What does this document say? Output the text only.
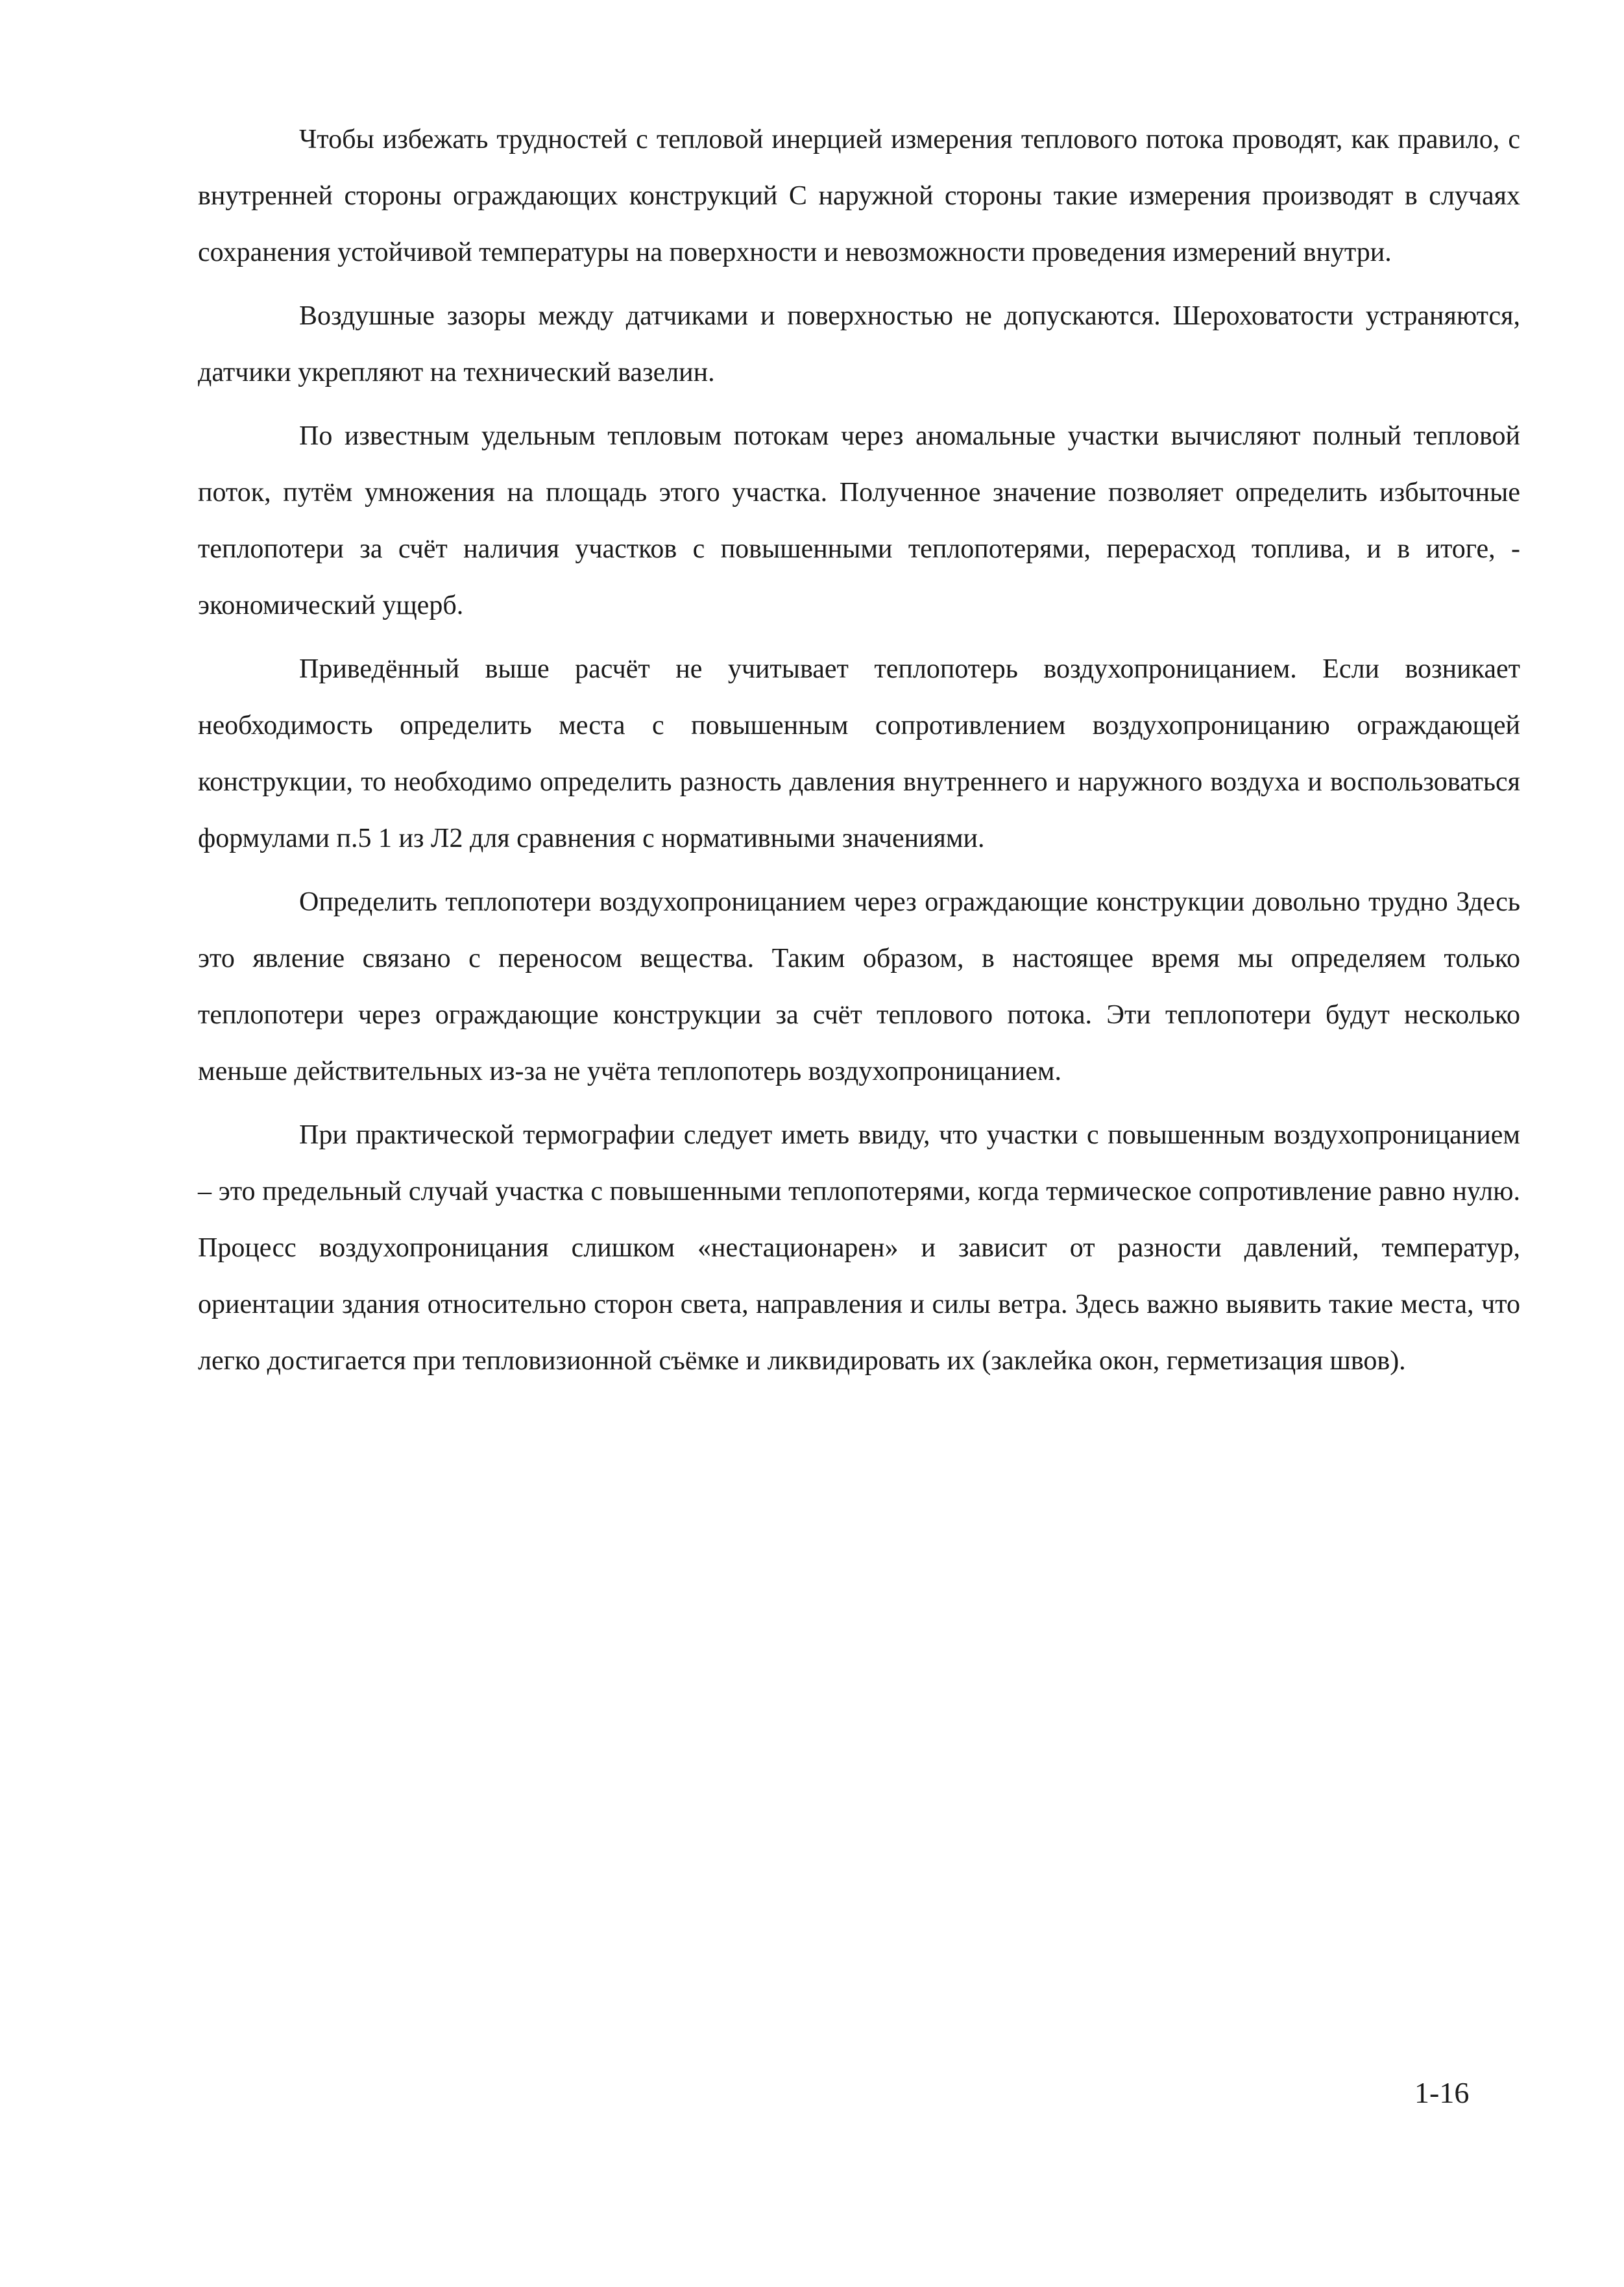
Чтобы избежать трудностей с тепловой инерцией измерения теплового потока проводят, как правило, с внутренней стороны ограждающих конструкций С наружной стороны такие измерения производят в случаях сохранения устойчивой температуры на поверхности и невозможности проведения измерений внутри.

Воздушные зазоры между датчиками и поверхностью не допускаются. Шероховатости устраняются, датчики укрепляют на технический вазелин.

По известным удельным тепловым потокам через аномальные участки вычисляют полный тепловой поток, путём умножения на площадь этого участка. Полученное значение позволяет определить избыточные теплопотери за счёт наличия участков с повышенными теплопотерями, перерасход топлива, и в итоге, - экономический ущерб.

Приведённый выше расчёт не учитывает теплопотерь воздухопроницанием. Если возникает необходимость определить места с повышенным сопротивлением воздухопроницанию ограждающей конструкции, то необходимо определить разность давления внутреннего и наружного воздуха и воспользоваться формулами п.5 1 из Л2 для сравнения с нормативными значениями.

Определить теплопотери воздухопроницанием через ограждающие конструкции довольно трудно Здесь это явление связано с переносом вещества. Таким образом, в настоящее время мы определяем только теплопотери через ограждающие конструкции за счёт теплового потока. Эти теплопотери будут несколько меньше действительных из-за не учёта теплопотерь воздухопроницанием.

При практической термографии следует иметь ввиду, что участки с повышенным воздухопроницанием – это предельный случай участка с повышенными теплопотерями, когда термическое сопротивление равно нулю. Процесс воздухопроницания слишком «нестационарен» и зависит от разности давлений, температур, ориентации здания относительно сторон света, направления и силы ветра. Здесь важно выявить такие места, что легко достигается при тепловизионной съёмке и ликвидировать их (заклейка окон, герметизация швов).

1-16
